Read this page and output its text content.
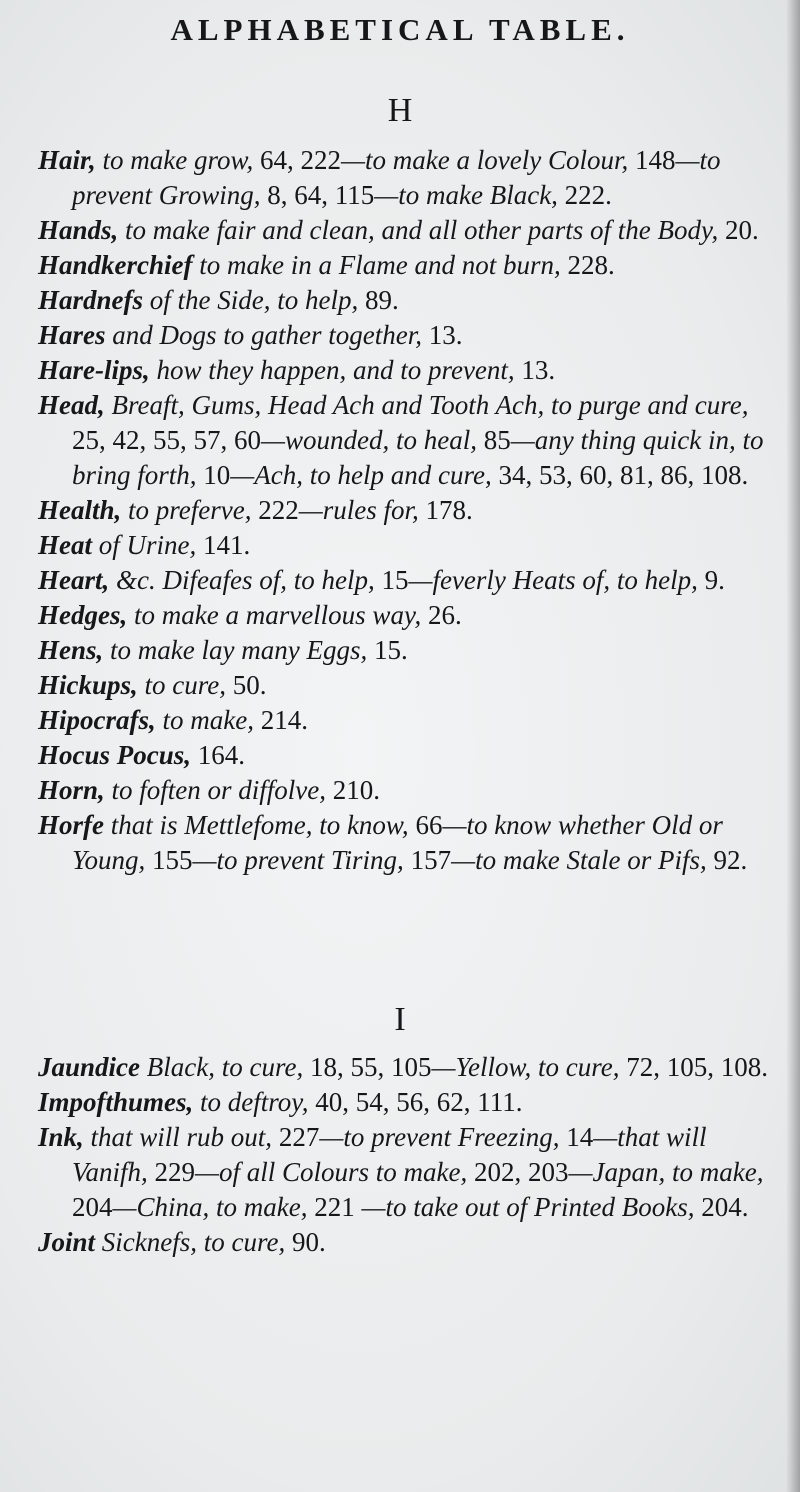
ALPHABETICAL TABLE.
H

Hair, to make grow, 64, 222—to make a lovely Colour, 148—to prevent Growing, 8, 64, 115—to make Black, 222.

Hands, to make fair and clean, and all other parts of the Body, 20.

Handkerchief to make in a Flame and not burn, 228.

Hardnefs of the Side, to help, 89.

Hares and Dogs to gather together, 13.

Hare-lips, how they happen, and to prevent, 13.

Head, Breaft, Gums, Head Ach and Tooth Ach, to purge and cure, 25, 42, 55, 57, 60—wounded, to heal, 85—any thing quick in, to bring forth, 10—Ach, to help and cure, 34, 53, 60, 81, 86, 108.

Health, to preferve, 222—rules for, 178.

Heat of Urine, 141.

Heart, &c. Difeafes of, to help, 15—feverly Heats of, to help, 9.

Hedges, to make a marvellous way, 26.

Hens, to make lay many Eggs, 15.

Hickups, to cure, 50.

Hipocrafs, to make, 214.

Hocus Pocus, 164.

Horn, to foften or diffolve, 210.

Horfe that is Mettlefome, to know, 66—to know whether Old or Young, 155—to prevent Tiring, 157—to make Stale or Pifs, 92.

I

Jaundice Black, to cure, 18, 55, 105—Yellow, to cure, 72, 105, 108.

Impofthumes, to deftroy, 40, 54, 56, 62, 111.

Ink, that will rub out, 227—to prevent Freezing, 14—that will Vanifh, 229—of all Colours to make, 202, 203—Japan, to make, 204—China, to make, 221 —to take out of Printed Books, 204.

Joint Sicknefs, to cure, 90.
